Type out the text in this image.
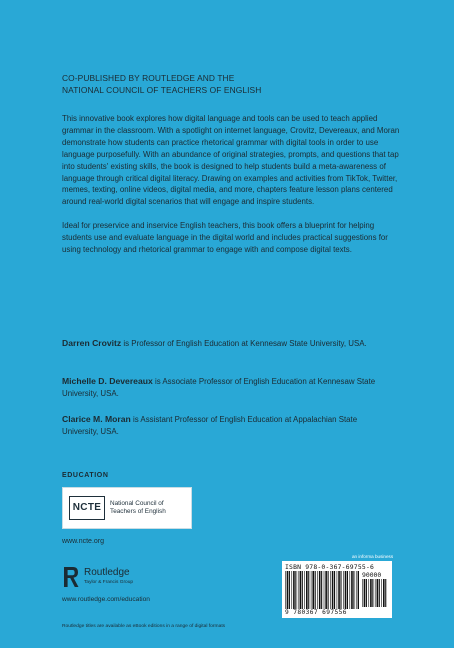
CO-PUBLISHED BY ROUTLEDGE AND THE
NATIONAL COUNCIL OF TEACHERS OF ENGLISH

This innovative book explores how digital language and tools can be used to teach applied grammar in the classroom. With a spotlight on internet language, Crovitz, Devereaux, and Moran demonstrate how students can practice rhetorical grammar with digital tools in order to use language purposefully. With an abundance of original strategies, prompts, and questions that tap into students' existing skills, the book is designed to help students build a meta-awareness of language through critical digital literacy. Drawing on examples and activities from TikTok, Twitter, memes, texting, online videos, digital media, and more, chapters feature lesson plans centered around real-world digital scenarios that will engage and inspire students.

Ideal for preservice and inservice English teachers, this book offers a blueprint for helping students use and evaluate language in the digital world and includes practical suggestions for using technology and rhetorical grammar to engage with and compose digital texts.

Darren Crovitz is Professor of English Education at Kennesaw State University, USA.
Michelle D. Devereaux is Associate Professor of English Education at Kennesaw State University, USA.
Clarice M. Moran is Assistant Professor of English Education at Appalachian State University, USA.
EDUCATION
NCTE	National Council of
Teachers of English
www.ncte.org
Routledge
Taylor & Francis Group
www.routledge.com/education
Routledge titles are available as eBook editions in a range of digital formats
an informa business
ISBN 978-0-367-69755-6
90000
9 780367 697556
